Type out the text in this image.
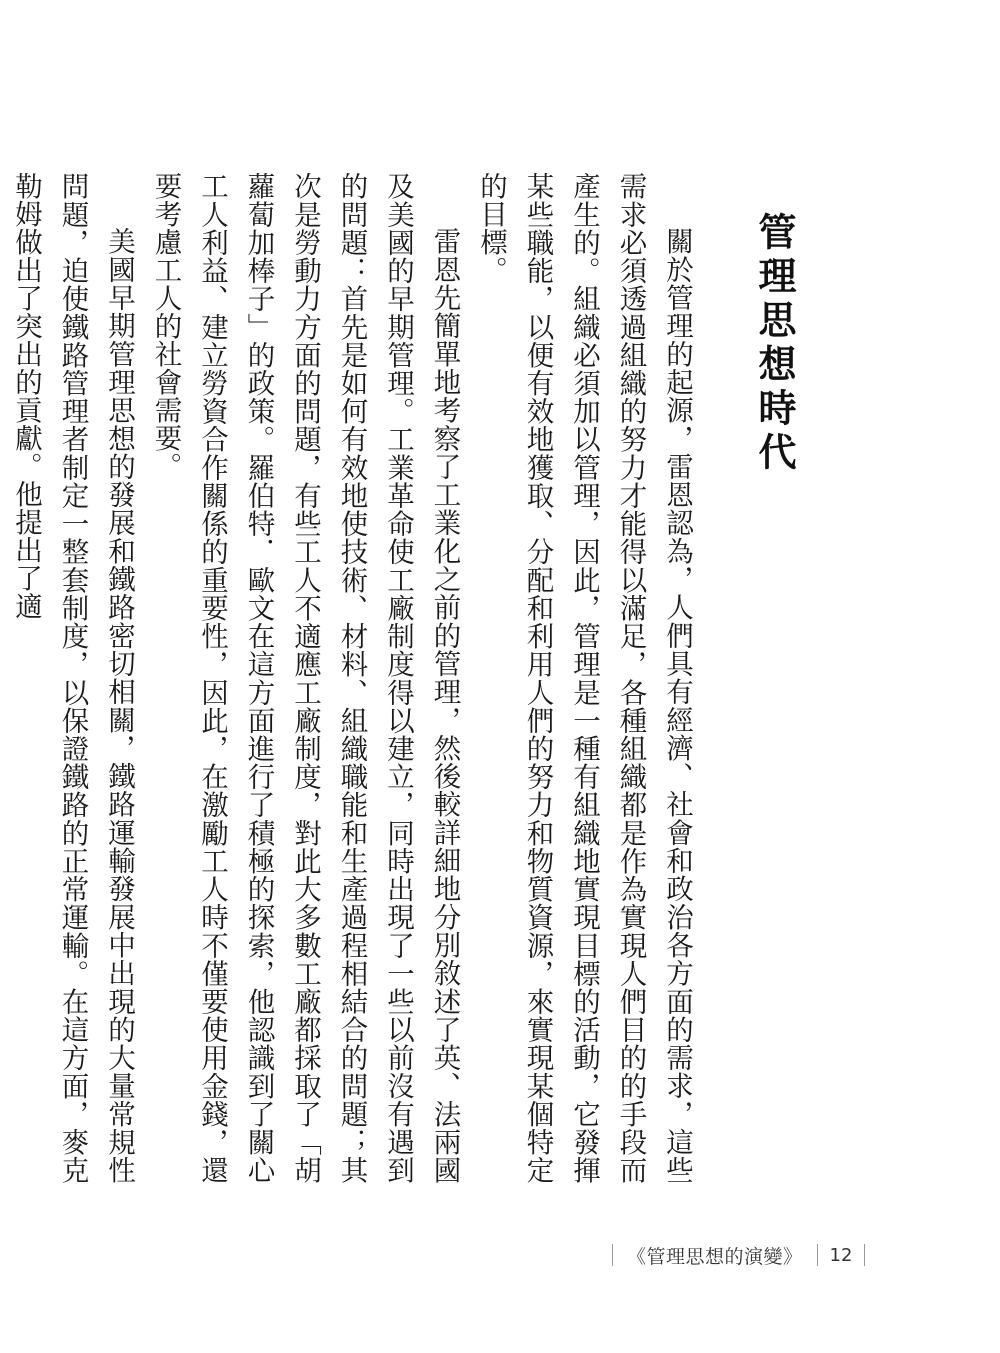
管理思想時代

關於管理的起源，雷恩認為，人們具有經濟、社會和政治各方面的需求，這些需求必須透過組織的努力才能得以滿足，各種組織都是作為實現人們目的的手段而產生的。組織必須加以管理，因此，管理是一種有組織地實現目標的活動，它發揮某些職能，以便有效地獲取、分配和利用人們的努力和物質資源，來實現某個特定的目標。

雷恩先簡單地考察了工業化之前的管理，然後較詳細地分別敘述了英、法兩國及美國的早期管理。工業革命使工廠制度得以建立，同時出現了一些以前沒有遇到的問題：首先是如何有效地使技術、材料、組織職能和生產過程相結合的問題；其次是勞動力方面的問題，有些工人不適應工廠制度，對此大多數工廠都採取了「胡蘿蔔加棒子」的政策。羅伯特．歐文在這方面進行了積極的探索，他認識到了關心工人利益、建立勞資合作關係的重要性，因此，在激勵工人時不僅要使用金錢，還要考慮工人的社會需要。

美國早期管理思想的發展和鐵路密切相關，鐵路運輸發展中出現的大量常規性問題，迫使鐵路管理者制定一整套制度，以保證鐵路的正常運輸。在這方面，麥克勒姆做出了突出的貢獻。他提出了適

《管理思想的演變》	12
